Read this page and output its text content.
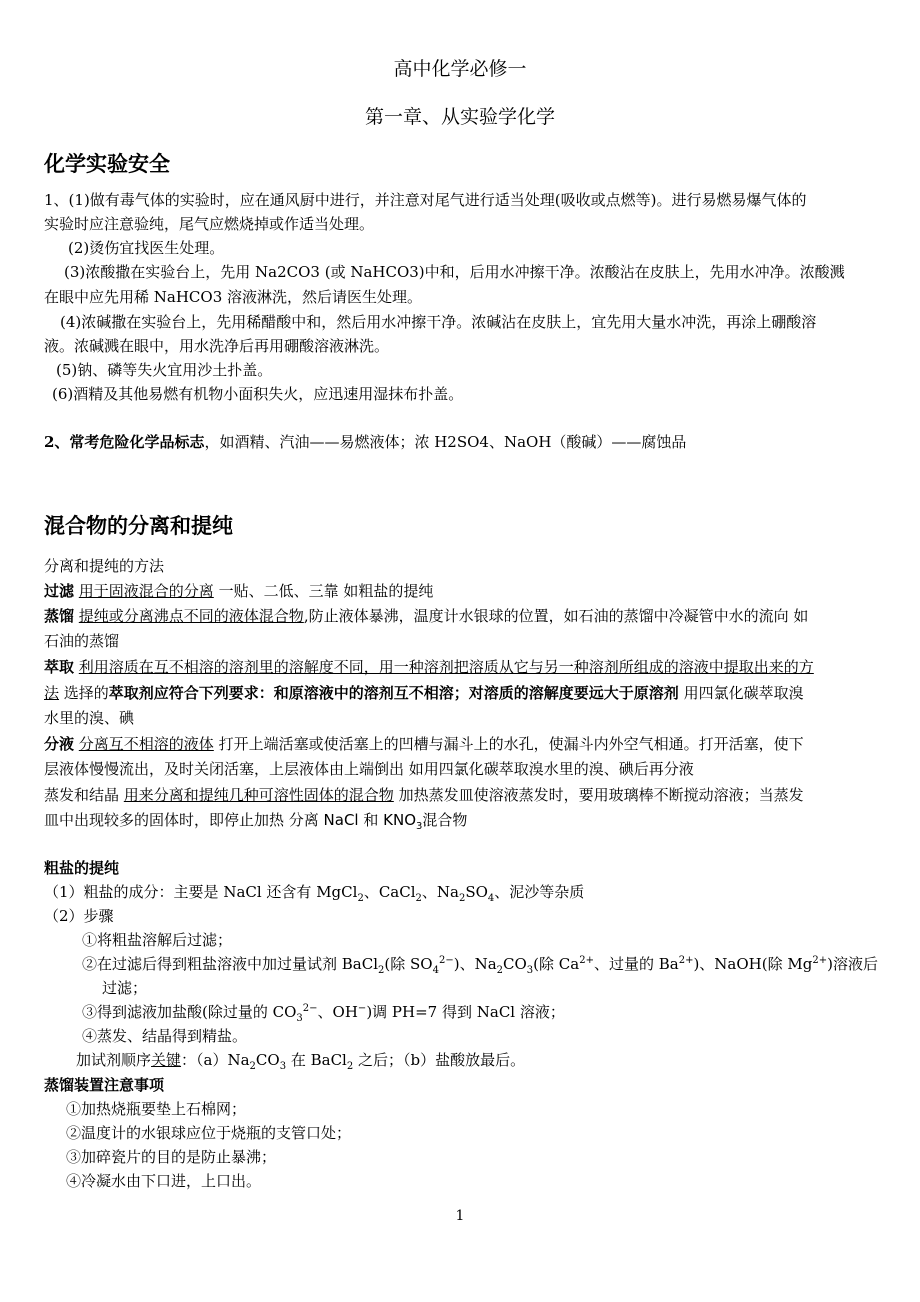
高中化学必修一
第一章、从实验学化学
化学实验安全
1、(1)做有毒气体的实验时，应在通风厨中进行，并注意对尾气进行适当处理(吸收或点燃等)。进行易燃易爆气体的
实验时应注意验纯，尾气应燃烧掉或作适当处理。
(2)烫伤宜找医生处理。
(3)浓酸撒在实验台上，先用 Na2CO3 (或 NaHCO3)中和，后用水冲擦干净。浓酸沾在皮肤上，先用水冲净。浓酸溅
在眼中应先用稀 NaHCO3 溶液淋洗，然后请医生处理。
(4)浓碱撒在实验台上，先用稀醋酸中和，然后用水冲擦干净。浓碱沾在皮肤上，宜先用大量水冲洗，再涂上硼酸溶
液。浓碱溅在眼中，用水洗净后再用硼酸溶液淋洗。
(5)钠、磷等失火宜用沙土扑盖。
(6)酒精及其他易燃有机物小面积失火，应迅速用湿抹布扑盖。
2、常考危险化学品标志，如酒精、汽油——易燃液体；浓 H2SO4、NaOH（酸碱）——腐蚀品
混合物的分离和提纯
分离和提纯的方法
过滤 用于固液混合的分离 一贴、二低、三靠 如粗盐的提纯
蒸馏 提纯或分离沸点不同的液体混合物,防止液体暴沸，温度计水银球的位置，如石油的蒸馏中冷凝管中水的流向 如
石油的蒸馏
萃取 利用溶质在互不相溶的溶剂里的溶解度不同，用一种溶剂把溶质从它与另一种溶剂所组成的溶液中提取出来的方
法 选择的萃取剂应符合下列要求：和原溶液中的溶剂互不相溶；对溶质的溶解度要远大于原溶剂 用四氯化碳萃取溴
水里的溴、碘
分液 分离互不相溶的液体 打开上端活塞或使活塞上的凹槽与漏斗上的水孔，使漏斗内外空气相通。打开活塞，使下
层液体慢慢流出，及时关闭活塞，上层液体由上端倒出 如用四氯化碳萃取溴水里的溴、碘后再分液
蒸发和结晶 用来分离和提纯几种可溶性固体的混合物 加热蒸发皿使溶液蒸发时，要用玻璃棒不断搅动溶液；当蒸发
皿中出现较多的固体时，即停止加热 分离 NaCl 和 $KNO_3$混合物
粗盐的提纯
（1）粗盐的成分：主要是 NaCl 还含有 MgCl$_2$、CaCl$_2$、$Na_2SO_4$、泥沙等杂质
（2）步骤
①将粗盐溶解后过滤；
②在过滤后得到粗盐溶液中加过量试剂 BaCl$_2$(除 $SO_4^{2-}$)、$Na_2CO_3$(除 $Ca^{2+}$、过量的 $Ba^{2+}$)、NaOH(除 $Mg^{2+}$)溶液后
过滤；
③得到滤液加盐酸(除过量的 $CO_3^{2-}$、OH−)调 PH=7 得到 NaCl 溶液；
④蒸发、结晶得到精盐。
加试剂顺序关键：$(a)Na_2CO_3$ 在 BaCl$_2$ 之后；（b）盐酸放最后。
蒸馏装置注意事项
①加热烧瓶要垫上石棉网；
②温度计的水银球应位于烧瓶的支管口处；
③加碎瓷片的目的是防止暴沸；
④冷凝水由下口进，上口出。
1
